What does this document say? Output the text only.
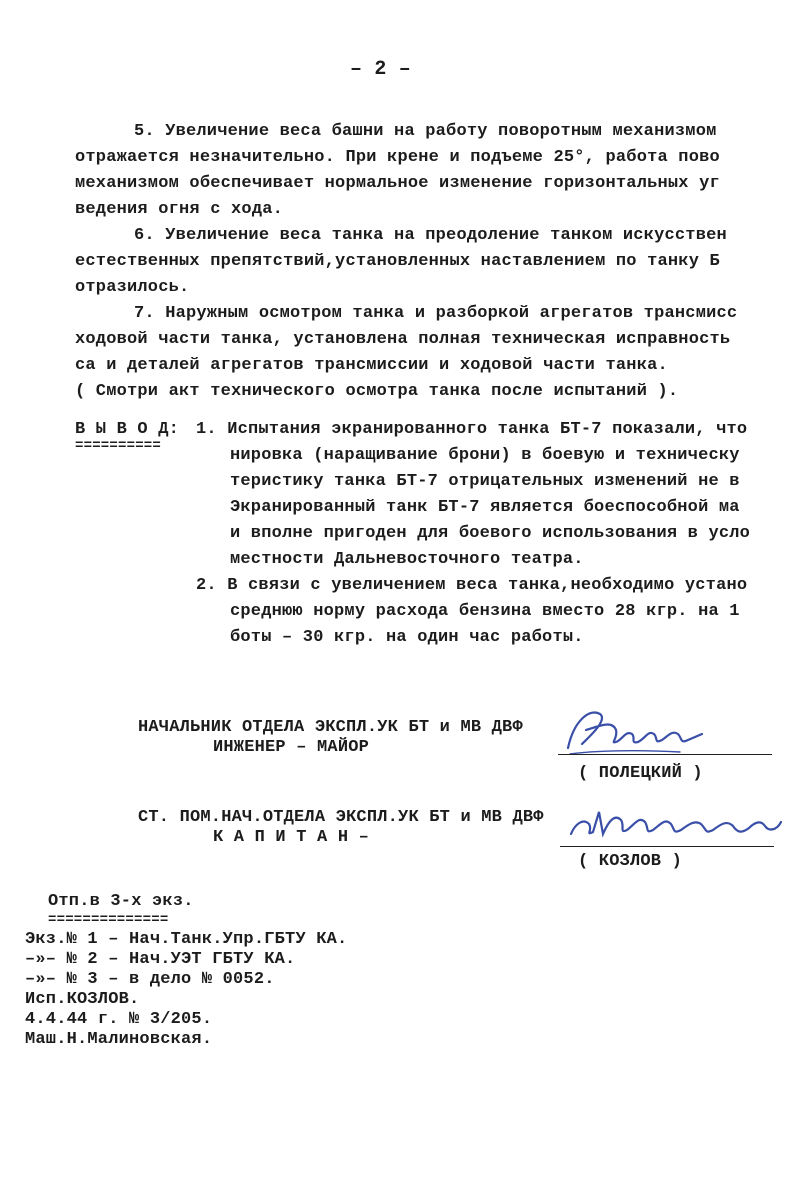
– 2 –
5. Увеличение веса башни на работу поворотным механизмом
отражается незначительно. При крене и подъеме 25°, работа пово
механизмом обеспечивает нормальное изменение горизонтальных уг
ведения огня с хода.
6. Увеличение веса танка на преодоление танком искусствен
естественных препятствий,установленных наставлением по танку Б
отразилось.
7. Наружным осмотром танка и разборкой агрегатов трансмисс
ходовой части танка, установлена полная техническая исправность
са и деталей агрегатов трансмиссии и ходовой части танка.
( Смотри акт технического осмотра танка после испытаний ).
В Ы В О Д:
==========
1. Испытания экранированного танка БТ-7 показали, что
нировка (наращивание брони) в боевую и техническу
теристику танка БТ-7 отрицательных изменений не в
Экранированный танк БТ-7 является боеспособной ма
и вполне пригоден для боевого использования в усло
местности Дальневосточного театра.
2. В связи с увеличением веса танка,необходимо устано
среднюю норму расхода бензина вместо 28 кгр. на 1
боты – 30 кгр. на один час работы.
НАЧАЛЬНИК ОТДЕЛА ЭКСПЛ.УК БТ и МВ ДВФ
ИНЖЕНЕР – МАЙОР
( ПОЛЕЦКИЙ )
СТ. ПОМ.НАЧ.ОТДЕЛА ЭКСПЛ.УК БТ и МВ ДВФ
К А П И Т А Н –
( КОЗЛОВ )
Отп.в 3-х экз.
==============
Экз.№ 1 – Нач.Танк.Упр.ГБТУ КА.
–»– № 2 – Нач.УЭТ ГБТУ КА.
–»– № 3 – в дело № 0052.
Исп.КОЗЛОВ.
4.4.44 г. № 3/205.
Маш.Н.Малиновская.
